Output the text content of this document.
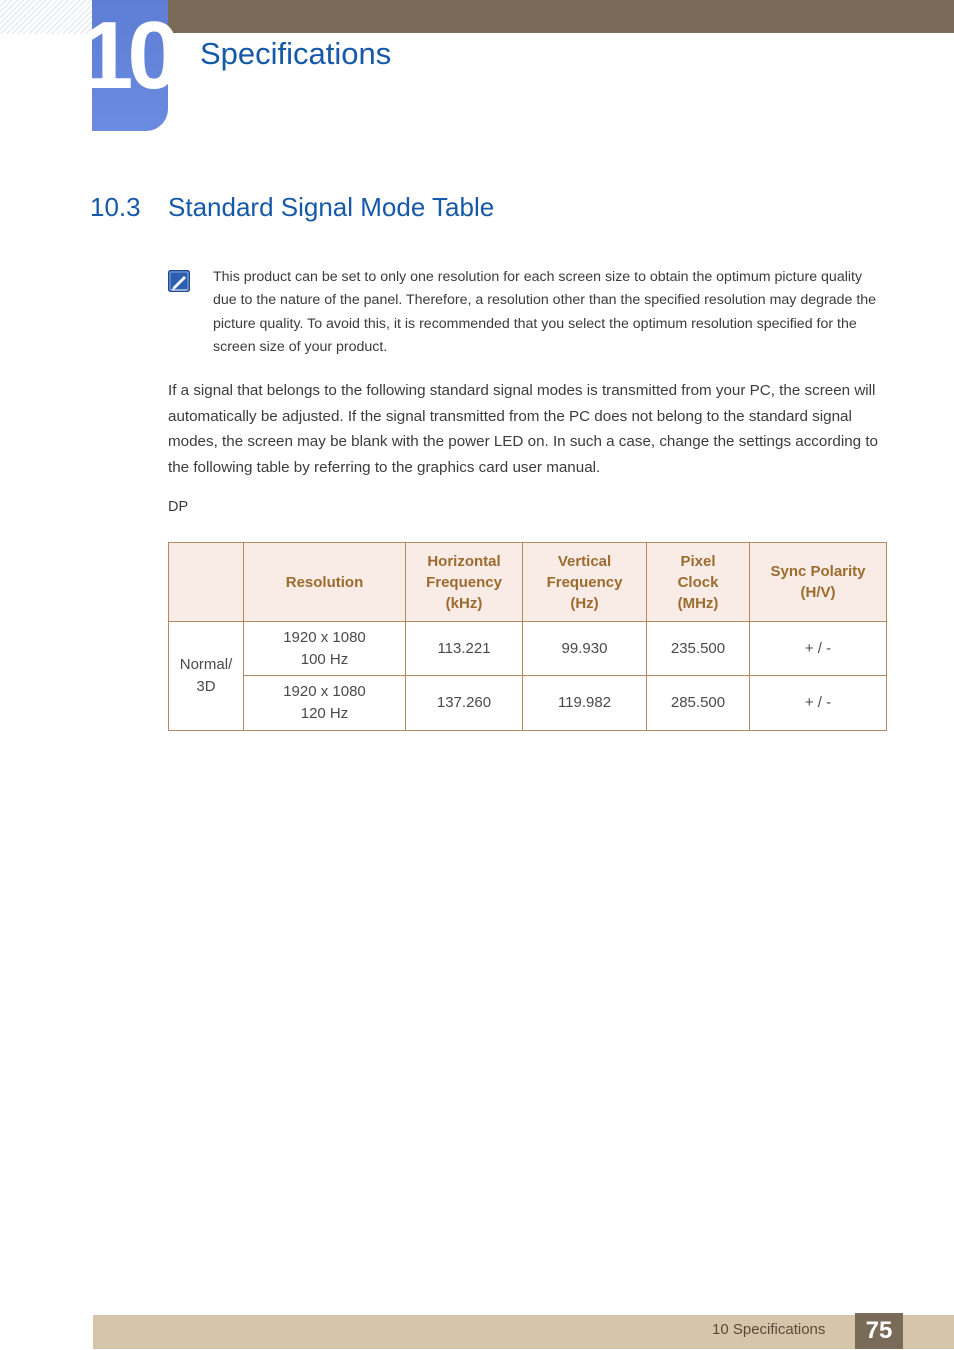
10 Specifications
10.3 Standard Signal Mode Table
This product can be set to only one resolution for each screen size to obtain the optimum picture quality due to the nature of the panel. Therefore, a resolution other than the specified resolution may degrade the picture quality. To avoid this, it is recommended that you select the optimum resolution specified for the screen size of your product.
If a signal that belongs to the following standard signal modes is transmitted from your PC, the screen will automatically be adjusted. If the signal transmitted from the PC does not belong to the standard signal modes, the screen may be blank with the power LED on. In such a case, change the settings according to the following table by referring to the graphics card user manual.
DP
	Resolution	Horizontal
Frequency
(kHz)	Vertical
Frequency
(Hz)	Pixel
Clock
(MHz)	Sync Polarity
(H/V)
Normal/
3D	1920 x 1080
100 Hz	113.221	99.930	235.500	+ / -
	1920 x 1080
120 Hz	137.260	119.982	285.500	+ / -
10 Specifications	75
